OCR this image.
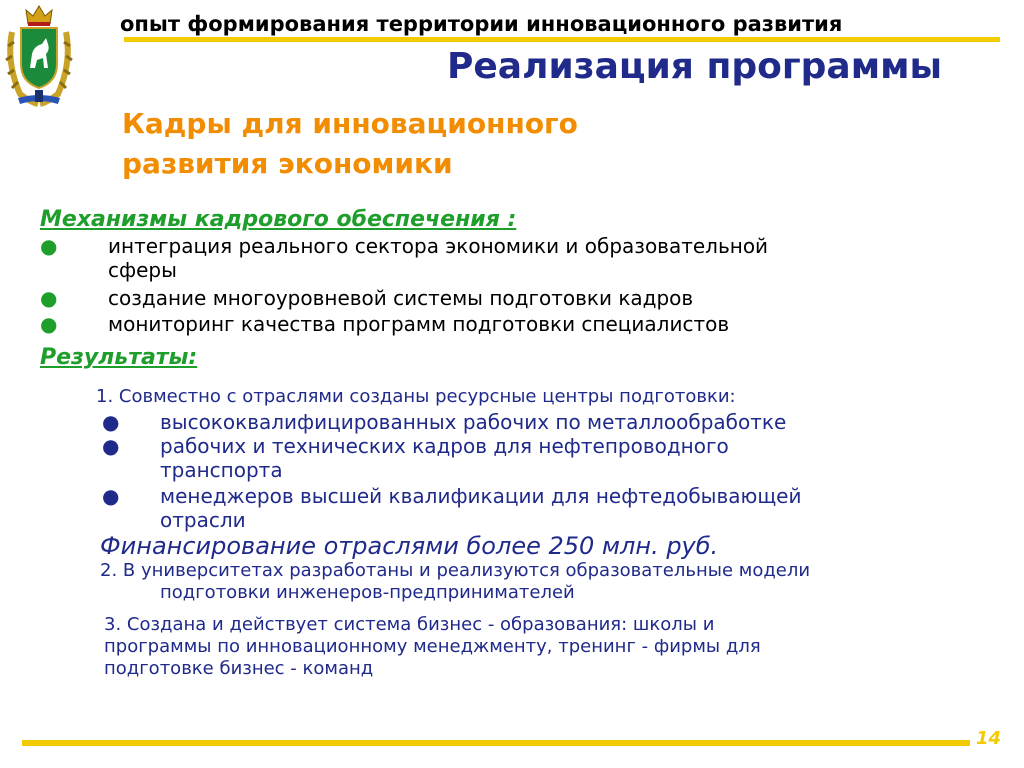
опыт формирования территории инновационного развития
Реализация программы
Кадры для инновационного
развития экономики
Механизмы кадрового обеспечения :
●	интеграция реального сектора экономики и образовательной
сферы
●	создание многоуровневой системы подготовки кадров
●	мониторинг качества программ подготовки специалистов
Результаты:
1. Совместно с отраслями созданы ресурсные центры подготовки:
● высококвалифицированных рабочих по металлообработке
● рабочих и технических кадров для нефтепроводного
транспорта
● менеджеров высшей квалификации для нефтедобывающей
отрасли
Финансирование отраслями более 250 млн. руб.
2. В университетах разработаны и реализуются образовательные модели
подготовки инженеров-предпринимателей
3. Создана и действует система бизнес - образования: школы и
программы по инновационному менеджменту, тренинг - фирмы для
подготовке бизнес - команд
14
